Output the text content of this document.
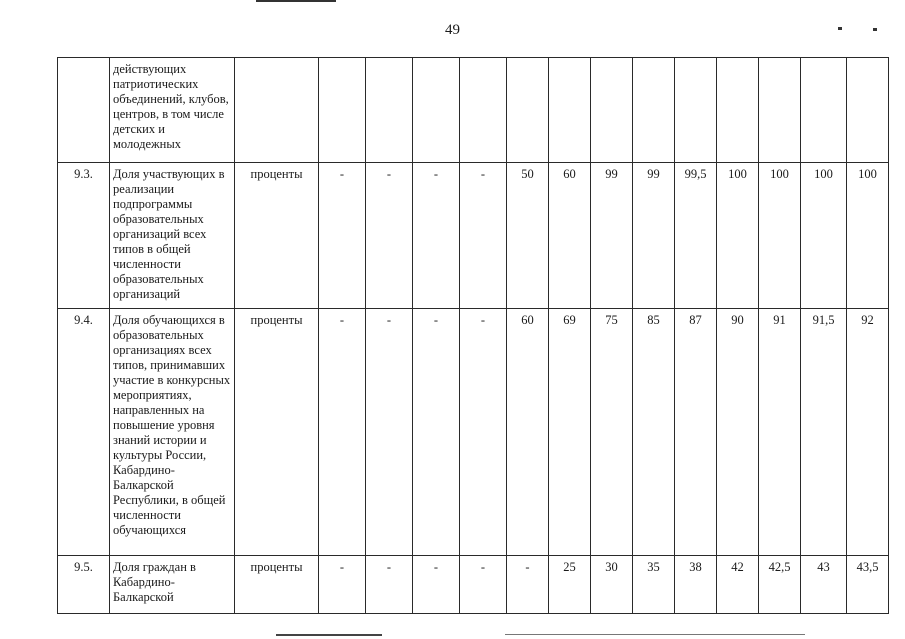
49
	действующих патриотических объединений, клубов, центров, в том числе детских и молодежных														
9.3.	Доля участвующих в реализации подпрограммы образовательных организаций всех типов в общей численности образовательных организаций	проценты	-	-	-	-	50	60	99	99	99,5	100	100	100	100
9.4.	Доля обучающихся в образовательных организациях всех типов, принимавших участие в конкурсных мероприятиях, направленных на повышение уровня знаний истории и культуры России, Кабардино-Балкарской Республики, в общей численности обучающихся	проценты	-	-	-	-	60	69	75	85	87	90	91	91,5	92
9.5.	Доля граждан в Кабардино-Балкарской	проценты	-	-	-	-	-	25	30	35	38	42	42,5	43	43,5
